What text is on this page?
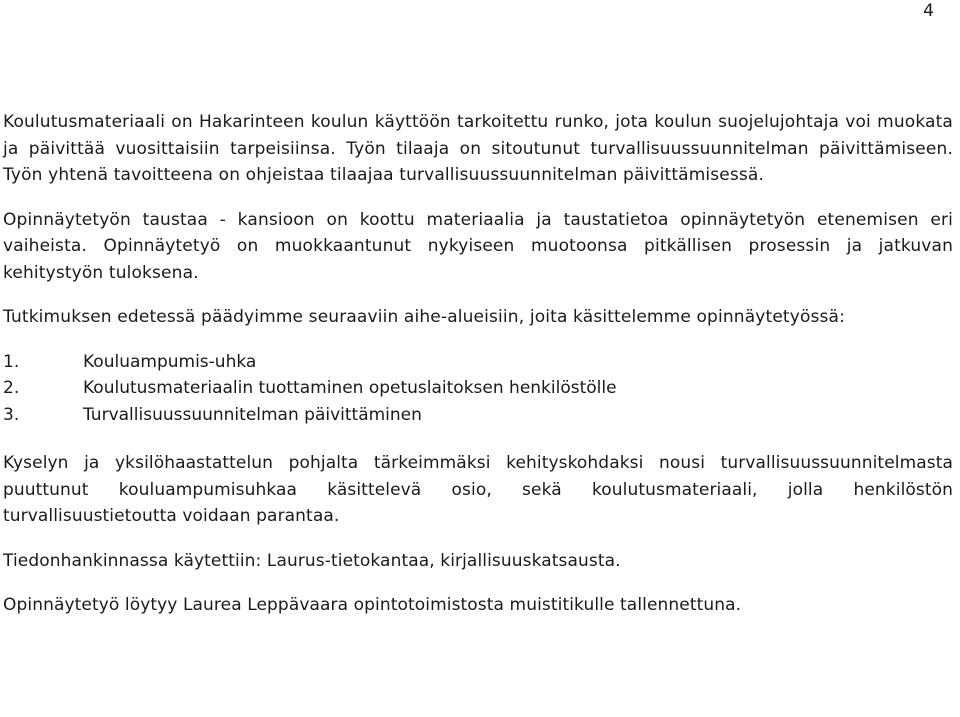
4

Koulutusmateriaali on Hakarinteen koulun käyttöön tarkoitettu runko, jota koulun suojelujohtaja voi muokata ja päivittää vuosittaisiin tarpeisiinsa. Työn tilaaja on sitoutunut turvallisuussuunnitelman päivittämiseen. Työn yhtenä tavoitteena on ohjeistaa tilaajaa turvallisuussuunnitelman päivittämisessä.

Opinnäytetyön taustaa - kansioon on koottu materiaalia ja taustatietoa opinnäytetyön etenemisen eri vaiheista. Opinnäytetyö on muokkaantunut nykyiseen muotoonsa pitkällisen prosessin ja jatkuvan kehitystyön tuloksena.

Tutkimuksen edetessä päädyimme seuraaviin aihe-alueisiin, joita käsittelemme opinnäytetyössä:

1.	Kouluampumis-uhka
2.	Koulutusmateriaalin tuottaminen opetuslaitoksen henkilöstölle
3.	Turvallisuussuunnitelman päivittäminen

Kyselyn ja yksilöhaastattelun pohjalta tärkeimmäksi kehityskohdaksi nousi turvallisuussuunnitelmasta puuttunut kouluampumisuhkaa käsittelevä osio, sekä koulutusmateriaali, jolla henkilöstön turvallisuustietoutta voidaan parantaa.

Tiedonhankinnassa käytettiin: Laurus-tietokantaa, kirjallisuuskatsausta.

Opinnäytetyö löytyy Laurea Leppävaara opintotoimistosta muistitikulle tallennettuna.
